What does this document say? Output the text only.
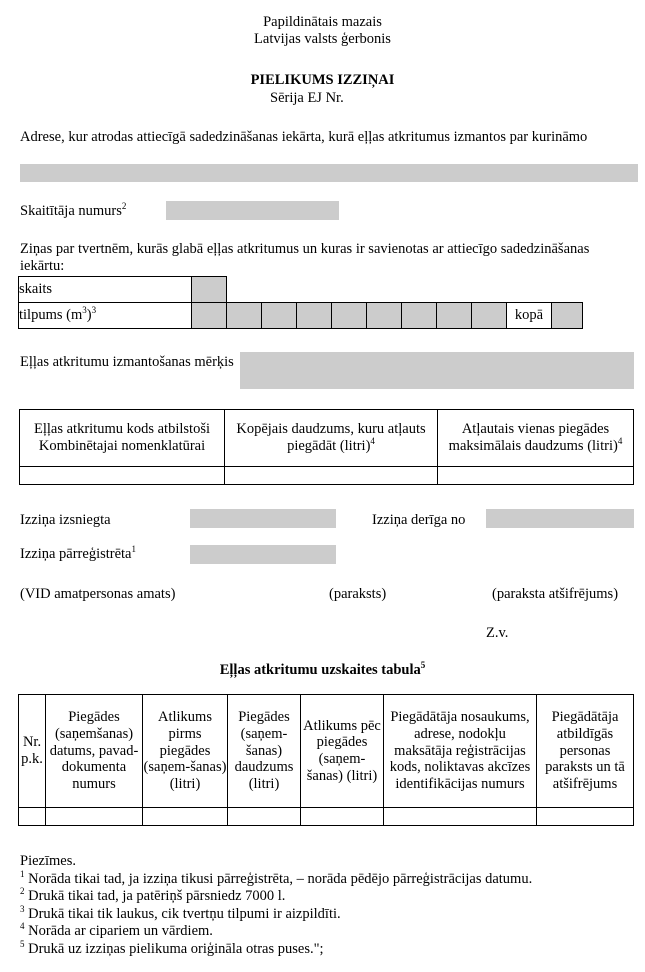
Papildinātais mazais
Latvijas valsts ģerbonis
PIELIKUMS IZZIŅAI
Sērija EJ Nr.
Adrese, kur atrodas attiecīgā sadedzināšanas iekārta, kurā eļļas atkritumus izmantos par kurināmo
Skaitītāja numurs$^2$
Ziņas par tvertnēm, kurās glabā eļļas atkritumus un kuras ir savienotas ar attiecīgo sadedzināšanas iekārtu:
skaits											
tilpums $(m^3)^3$										kopā	
Eļļas atkritumu izmantošanas mērķis
Eļļas atkritumu kods atbilstoši Kombinētajai nomenklatūrai	Kopējais daudzums, kuru atļauts piegādāt (litri)$^4$	Atļautais vienas piegādes maksimālais daudzums (litri)$^4$

Izziņa izsniegta	Izziņa derīga no
Izziņa pārreģistrēta$^1$
(VID amatpersonas amats)	(paraksts)	(paraksta atšifrējums)
Z.v.
Eļļas atkritumu uzskaites tabula$^5$
Nr. p.k.	Piegādes (saņemšanas) datums, pavad-dokumenta numurs	Atlikums pirms piegādes (saņem-šanas) (litri)	Piegādes (saņem-šanas) daudzums (litri)	Atlikums pēc piegādes (saņem-šanas) (litri)	Piegādātāja nosaukums, adrese, nodokļu maksātāja reģistrācijas kods, noliktavas akcīzes identifikācijas numurs	Piegādātāja atbildīgās personas paraksts un tā atšifrējums

Piezīmes.
$^1$ Norāda tikai tad, ja izziņa tikusi pārreģistrēta, – norāda pēdējo pārreģistrācijas datumu.
$^2$ Drukā tikai tad, ja patēriņš pārsniedz 7000 l.
$^3$ Drukā tikai tik laukus, cik tvertņu tilpumi ir aizpildīti.
$^4$ Norāda ar cipariem un vārdiem.
$^5$ Drukā uz izziņas pielikuma oriģināla otras puses.";
